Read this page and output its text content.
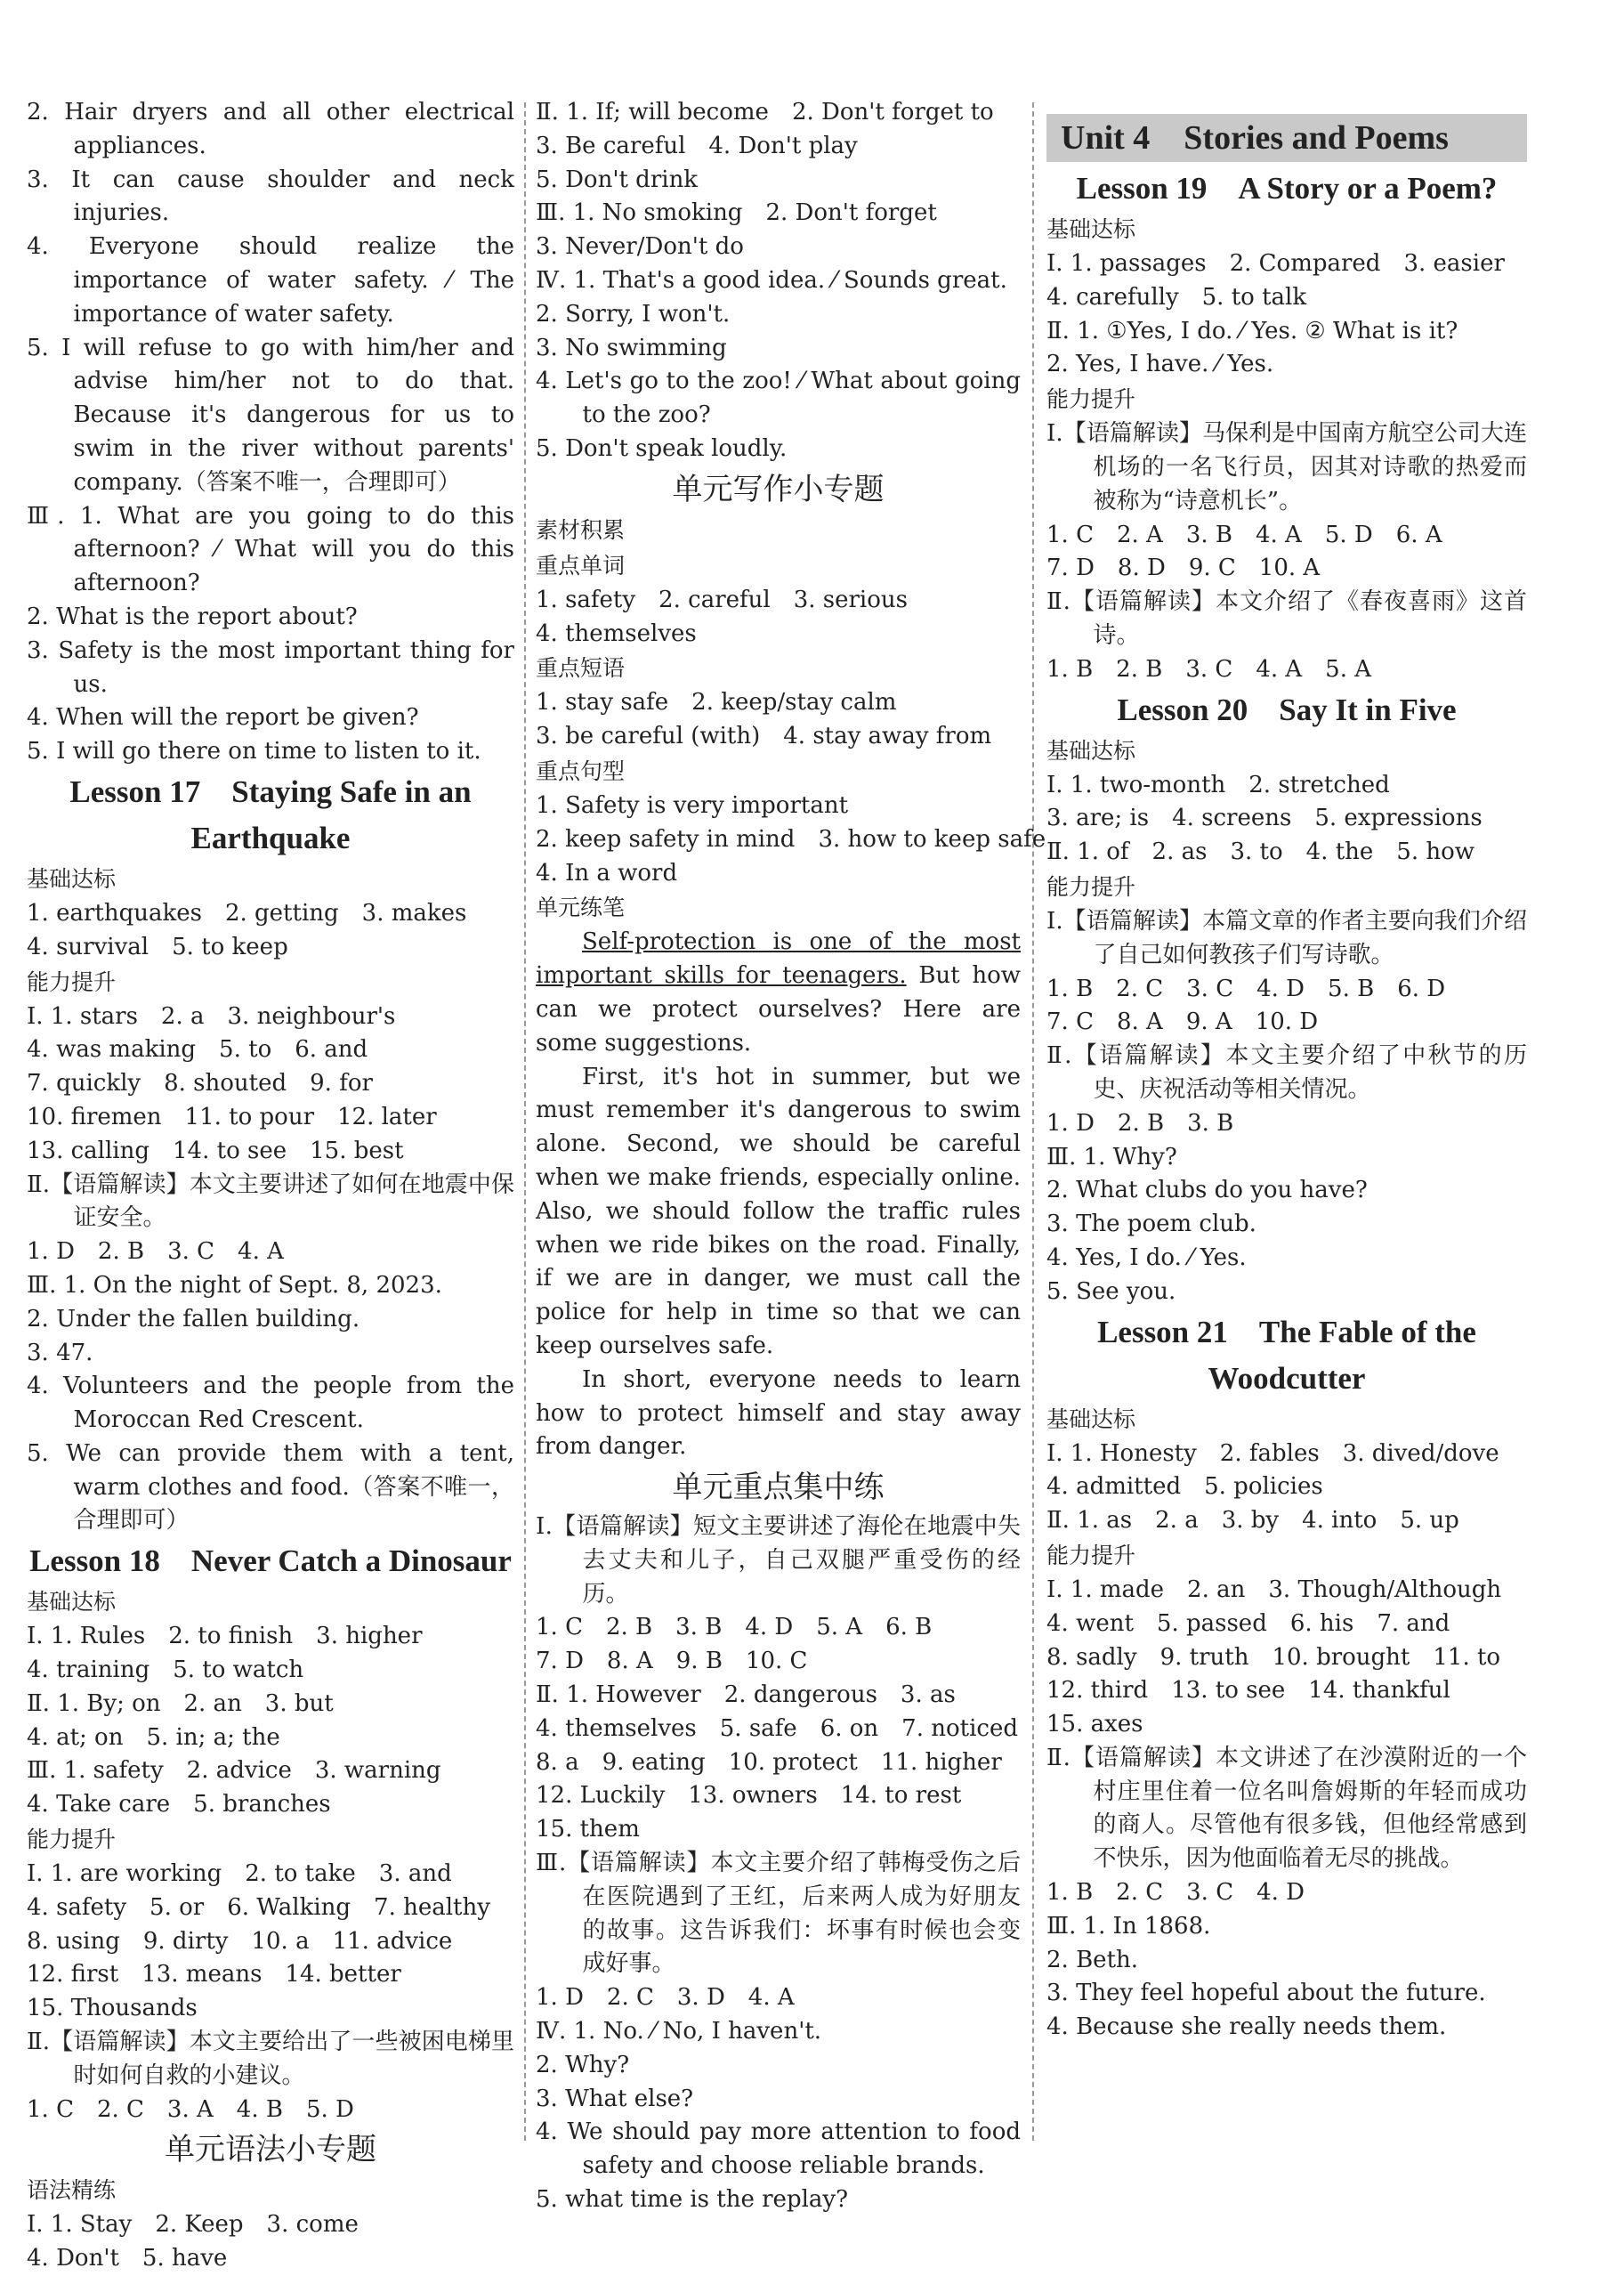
2. Hair dryers and all other electrical appliances.
3. It can cause shoulder and neck injuries.
4. Everyone should realize the importance of water safety. ⁄ The importance of water safety.
5. I will refuse to go with him/her and advise him/her not to do that. Because it's dangerous for us to swim in the river without parents' company.（答案不唯一，合理即可）
Ⅲ. 1. What are you going to do this afternoon? ⁄ What will you do this afternoon?
2. What is the report about?
3. Safety is the most important thing for us.
4. When will the report be given?
5. I will go there on time to listen to it.
Lesson 17　Staying Safe in an Earthquake
基础达标
1. earthquakes　2. getting　3. makes
4. survival　5. to keep
能力提升
Ⅰ. 1. stars　2. a　3. neighbour's
4. was making　5. to　6. and
7. quickly　8. shouted　9. for
10. firemen　11. to pour　12. later
13. calling　14. to see　15. best
Ⅱ.【语篇解读】本文主要讲述了如何在地震中保证安全。
1. D　2. B　3. C　4. A
Ⅲ. 1. On the night of Sept. 8, 2023.
2. Under the fallen building.
3. 47.
4. Volunteers and the people from the Moroccan Red Crescent.
5. We can provide them with a tent, warm clothes and food.（答案不唯一，合理即可）
Lesson 18　Never Catch a Dinosaur
基础达标
Ⅰ. 1. Rules　2. to finish　3. higher
4. training　5. to watch
Ⅱ. 1. By; on　2. an　3. but
4. at; on　5. in; a; the
Ⅲ. 1. safety　2. advice　3. warning
4. Take care　5. branches
能力提升
Ⅰ. 1. are working　2. to take　3. and
4. safety　5. or　6. Walking　7. healthy
8. using　9. dirty　10. a　11. advice
12. first　13. means　14. better
15. Thousands
Ⅱ.【语篇解读】本文主要给出了一些被困电梯里时如何自救的小建议。
1. C　2. C　3. A　4. B　5. D
单元语法小专题
语法精练
Ⅰ. 1. Stay　2. Keep　3. come
4. Don't　5. have
Ⅱ. 1. If; will become　2. Don't forget to
3. Be careful　4. Don't play
5. Don't drink
Ⅲ. 1. No smoking　2. Don't forget
3. Never/Don't do
Ⅳ. 1. That's a good idea. ⁄ Sounds great.
2. Sorry, I won't.
3. No swimming
4. Let's go to the zoo! ⁄ What about going to the zoo?
5. Don't speak loudly.
单元写作小专题
素材积累
重点单词
1. safety　2. careful　3. serious
4. themselves
重点短语
1. stay safe　2. keep/stay calm
3. be careful (with)　4. stay away from
重点句型
1. Safety is very important
2. keep safety in mind　3. how to keep safe
4. In a word
单元练笔
Self-protection is one of the most important skills for teenagers. But how can we protect ourselves? Here are some suggestions.
First, it's hot in summer, but we must remember it's dangerous to swim alone. Second, we should be careful when we make friends, especially online. Also, we should follow the traffic rules when we ride bikes on the road. Finally, if we are in danger, we must call the police for help in time so that we can keep ourselves safe.
In short, everyone needs to learn how to protect himself and stay away from danger.
单元重点集中练
Ⅰ.【语篇解读】短文主要讲述了海伦在地震中失去丈夫和儿子，自己双腿严重受伤的经历。
1. C　2. B　3. B　4. D　5. A　6. B
7. D　8. A　9. B　10. C
Ⅱ. 1. However　2. dangerous　3. as
4. themselves　5. safe　6. on　7. noticed
8. a　9. eating　10. protect　11. higher
12. Luckily　13. owners　14. to rest
15. them
Ⅲ.【语篇解读】本文主要介绍了韩梅受伤之后在医院遇到了王红，后来两人成为好朋友的故事。这告诉我们：坏事有时候也会变成好事。
1. D　2. C　3. D　4. A
Ⅳ. 1. No. ⁄ No, I haven't.
2. Why?
3. What else?
4. We should pay more attention to food safety and choose reliable brands.
5. what time is the replay?
Unit 4　Stories and Poems
Lesson 19　A Story or a Poem?
基础达标
Ⅰ. 1. passages　2. Compared　3. easier
4. carefully　5. to talk
Ⅱ. 1. ①Yes, I do. ⁄ Yes. ② What is it?
2. Yes, I have. ⁄ Yes.
能力提升
Ⅰ.【语篇解读】马保利是中国南方航空公司大连机场的一名飞行员，因其对诗歌的热爱而被称为“诗意机长”。
1. C　2. A　3. B　4. A　5. D　6. A
7. D　8. D　9. C　10. A
Ⅱ.【语篇解读】本文介绍了《春夜喜雨》这首诗。
1. B　2. B　3. C　4. A　5. A
Lesson 20　Say It in Five
基础达标
Ⅰ. 1. two-month　2. stretched
3. are; is　4. screens　5. expressions
Ⅱ. 1. of　2. as　3. to　4. the　5. how
能力提升
Ⅰ.【语篇解读】本篇文章的作者主要向我们介绍了自己如何教孩子们写诗歌。
1. B　2. C　3. C　4. D　5. B　6. D
7. C　8. A　9. A　10. D
Ⅱ.【语篇解读】本文主要介绍了中秋节的历史、庆祝活动等相关情况。
1. D　2. B　3. B
Ⅲ. 1. Why?
2. What clubs do you have?
3. The poem club.
4. Yes, I do. ⁄ Yes.
5. See you.
Lesson 21　The Fable of the Woodcutter
基础达标
Ⅰ. 1. Honesty　2. fables　3. dived/dove
4. admitted　5. policies
Ⅱ. 1. as　2. a　3. by　4. into　5. up
能力提升
Ⅰ. 1. made　2. an　3. Though/Although
4. went　5. passed　6. his　7. and
8. sadly　9. truth　10. brought　11. to
12. third　13. to see　14. thankful
15. axes
Ⅱ.【语篇解读】本文讲述了在沙漠附近的一个村庄里住着一位名叫詹姆斯的年轻而成功的商人。尽管他有很多钱，但他经常感到不快乐，因为他面临着无尽的挑战。
1. B　2. C　3. C　4. D
Ⅲ. 1. In 1868.
2. Beth.
3. They feel hopeful about the future.
4. Because she really needs them.
